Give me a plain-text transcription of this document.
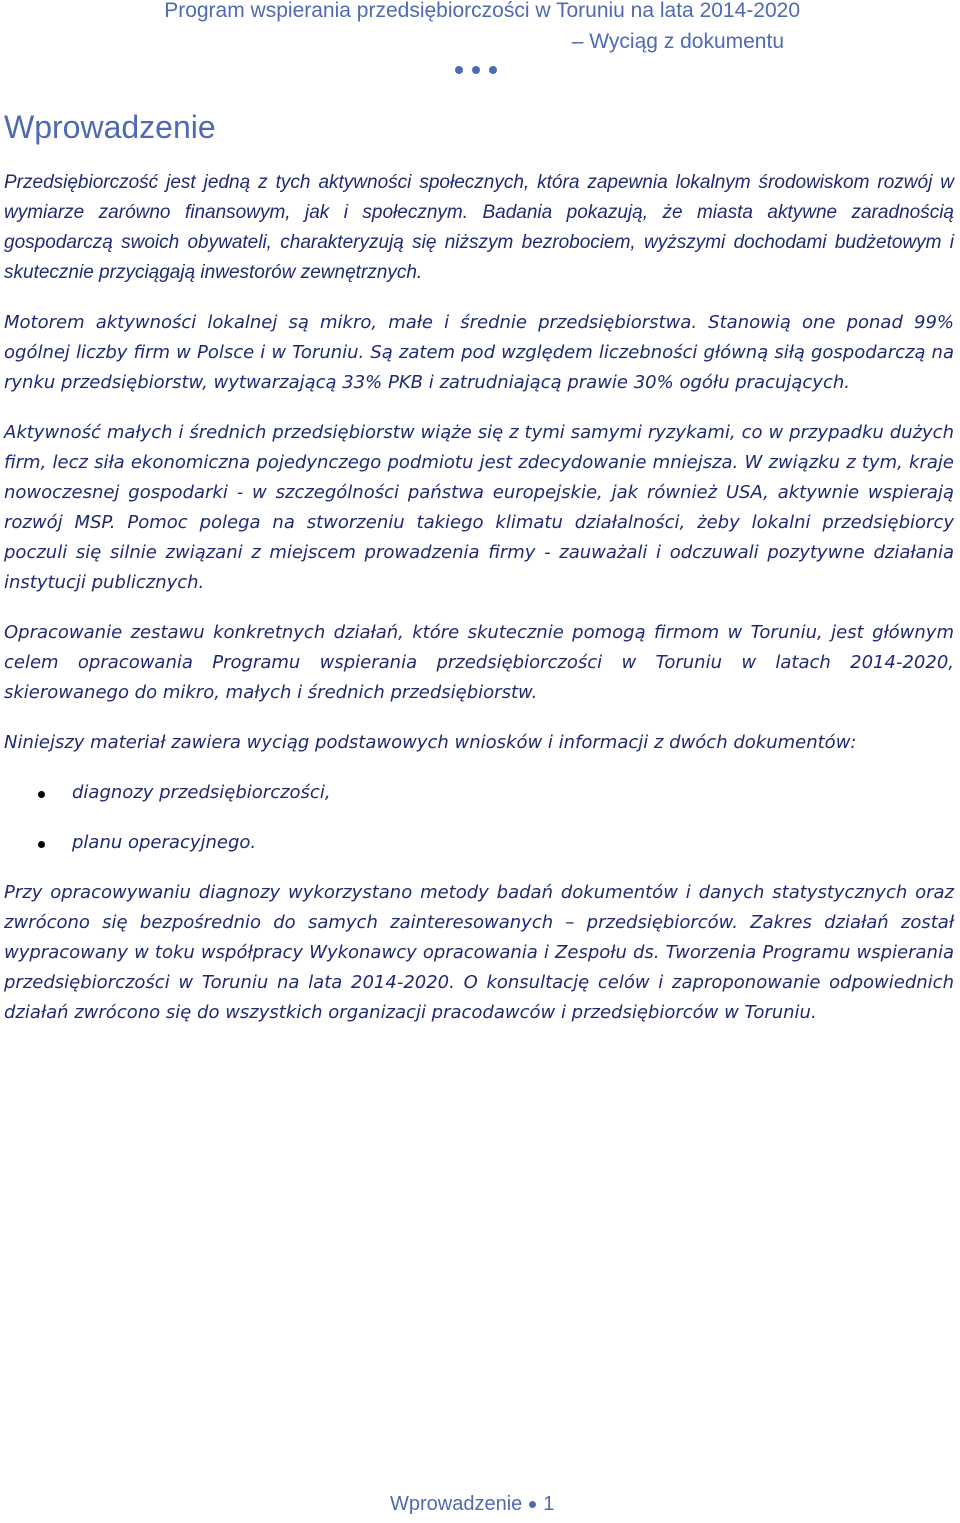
Program wspierania przedsiębiorczości w Toruniu na lata 2014-2020
– Wyciąg z dokumentu
Wprowadzenie

Przedsiębiorczość jest jedną z tych aktywności społecznych, która zapewnia lokalnym środowiskom rozwój w wymiarze zarówno finansowym, jak i społecznym. Badania pokazują, że miasta aktywne zaradnością gospodarczą swoich obywateli, charakteryzują się niższym bezrobociem, wyższymi dochodami budżetowym i skutecznie przyciągają inwestorów zewnętrznych.

Motorem aktywności lokalnej są mikro, małe i średnie przedsiębiorstwa. Stanowią one ponad 99% ogólnej liczby firm w Polsce i w Toruniu. Są zatem pod względem liczebności główną siłą gospodarczą na rynku przedsiębiorstw, wytwarzającą 33% PKB i zatrudniającą prawie 30% ogółu pracujących.

Aktywność małych i średnich przedsiębiorstw wiąże się z tymi samymi ryzykami, co w przypadku dużych firm, lecz siła ekonomiczna pojedynczego podmiotu jest zdecydowanie mniejsza. W związku z tym, kraje nowoczesnej gospodarki - w szczególności państwa europejskie, jak również USA, aktywnie wspierają rozwój MSP. Pomoc polega na stworzeniu takiego klimatu działalności, żeby lokalni przedsiębiorcy poczuli się silnie związani z miejscem prowadzenia firmy - zauważali i odczuwali pozytywne działania instytucji publicznych.

Opracowanie zestawu konkretnych działań, które skutecznie pomogą firmom w Toruniu, jest głównym celem opracowania Programu wspierania przedsiębiorczości w Toruniu w latach 2014-2020, skierowanego do mikro, małych i średnich przedsiębiorstw.

Niniejszy materiał zawiera wyciąg podstawowych wniosków i informacji z dwóch dokumentów:

diagnozy przedsiębiorczości,
planu operacyjnego.

Przy opracowywaniu diagnozy wykorzystano metody badań dokumentów i danych statystycznych oraz zwrócono się bezpośrednio do samych zainteresowanych – przedsiębiorców. Zakres działań został wypracowany w toku współpracy Wykonawcy opracowania i Zespołu ds. Tworzenia Programu wspierania przedsiębiorczości w Toruniu na lata 2014-2020. O konsultację celów i zaproponowanie odpowiednich działań zwrócono się do wszystkich organizacji pracodawców i przedsiębiorców w Toruniu.

Wprowadzenie 1
